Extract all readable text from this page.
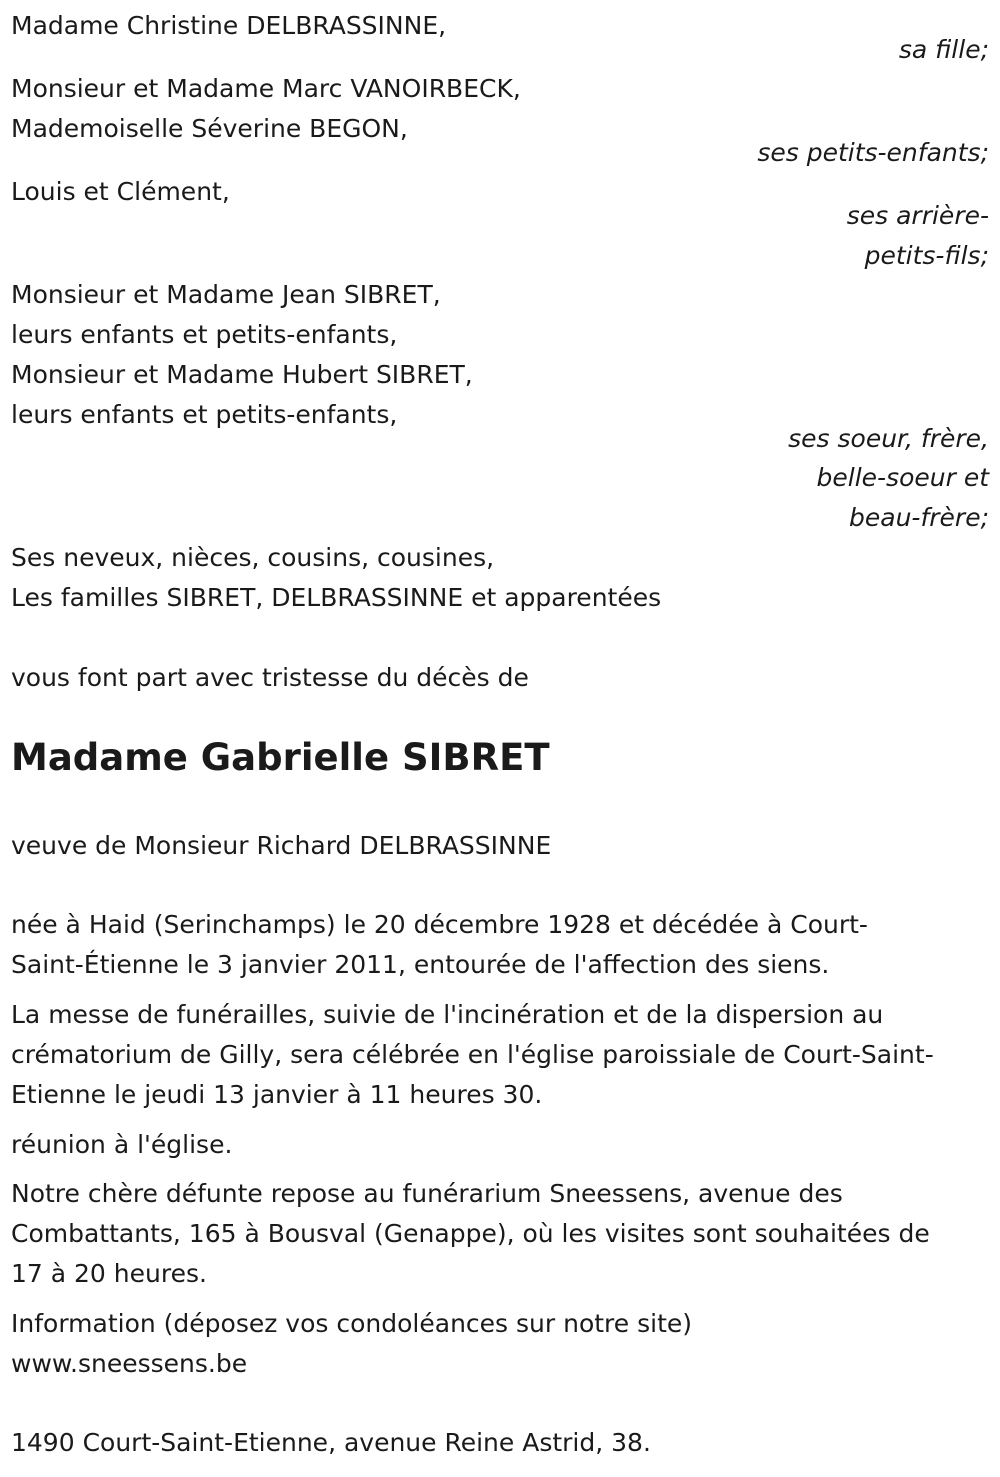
Madame Christine DELBRASSINNE,
sa fille;
Monsieur et Madame Marc VANOIRBECK,
Mademoiselle Séverine BEGON,
ses petits-enfants;
Louis et Clément,
ses arrière-
petits-fils;
Monsieur et Madame Jean SIBRET,
leurs enfants et petits-enfants,
Monsieur et Madame Hubert SIBRET,
leurs enfants et petits-enfants,
ses soeur, frère,
belle-soeur et
beau-frère;
Ses neveux, nièces, cousins, cousines,
Les familles SIBRET, DELBRASSINNE et apparentées
vous font part avec tristesse du décès de
Madame Gabrielle SIBRET
veuve de Monsieur Richard DELBRASSINNE
née à Haid (Serinchamps) le 20 décembre 1928 et décédée à Court-
Saint-Étienne le 3 janvier 2011, entourée de l'affection des siens.
La messe de funérailles, suivie de l'incinération et de la dispersion au
crématorium de Gilly, sera célébrée en l'église paroissiale de Court-Saint-
Etienne le jeudi 13 janvier à 11 heures 30.
réunion à l'église.
Notre chère défunte repose au funérarium Sneessens, avenue des
Combattants, 165 à Bousval (Genappe), où les visites sont souhaitées de
17 à 20 heures.
Information (déposez vos condoléances sur notre site)
www.sneessens.be
1490 Court-Saint-Etienne, avenue Reine Astrid, 38.
